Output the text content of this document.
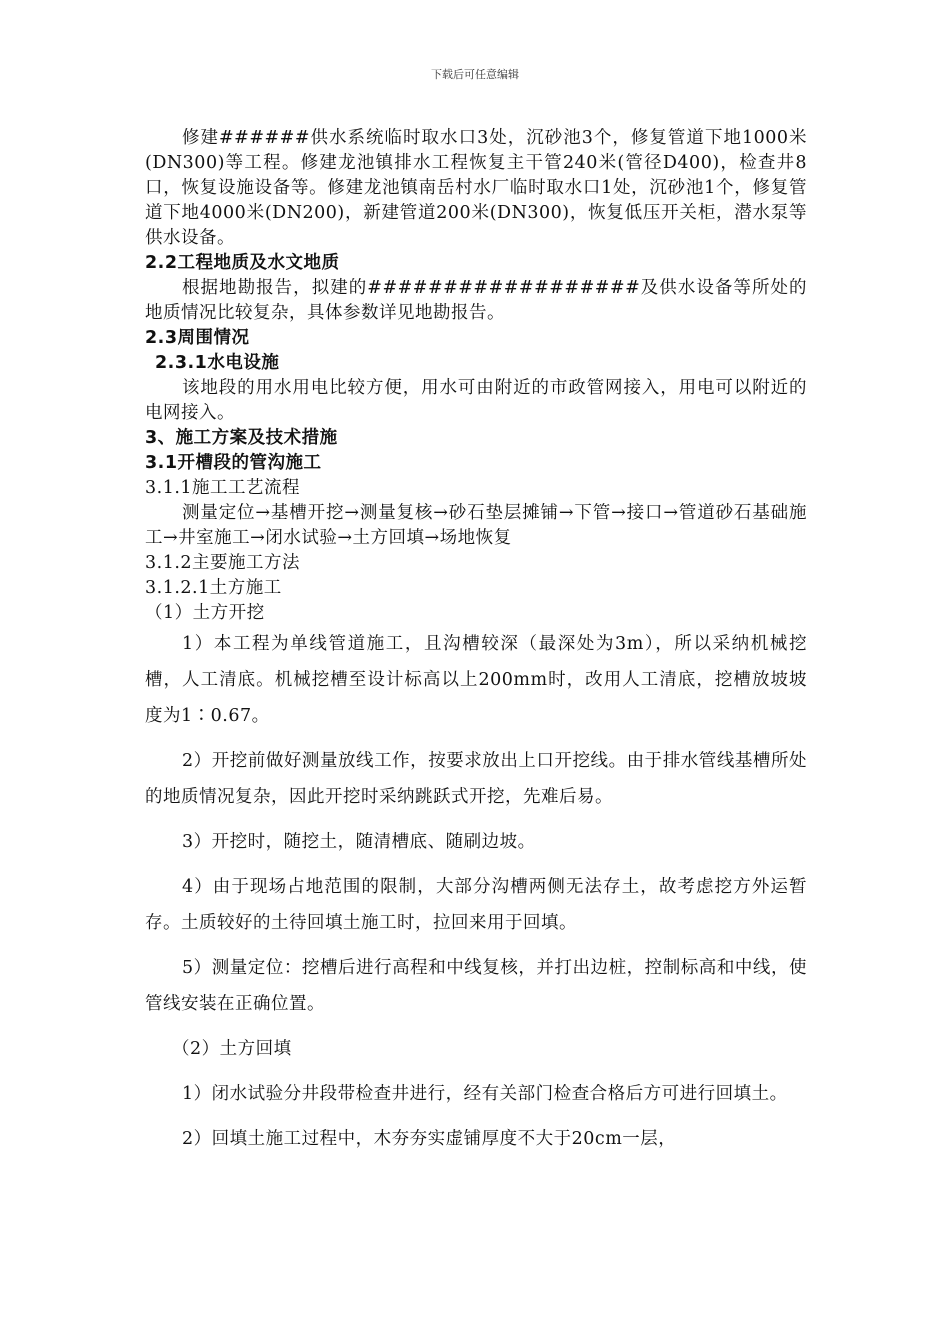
下载后可任意编辑

修建######供水系统临时取水口3处，沉砂池3个，修复管道下地1000米(DN300)等工程。修建龙池镇排水工程恢复主干管240米(管径D400)，检查井8口，恢复设施设备等。修建龙池镇南岳村水厂临时取水口1处，沉砂池1个，修复管道下地4000米(DN200)，新建管道200米(DN300)，恢复低压开关柜，潜水泵等供水设备。

2.2工程地质及水文地质

根据地勘报告，拟建的##################及供水设备等所处的地质情况比较复杂，具体参数详见地勘报告。

2.3周围情况

2.3.1水电设施

该地段的用水用电比较方便，用水可由附近的市政管网接入，用电可以附近的电网接入。

3、施工方案及技术措施

3.1开槽段的管沟施工

3.1.1施工工艺流程

测量定位→基槽开挖→测量复核→砂石垫层摊铺→下管→接口→管道砂石基础施工→井室施工→闭水试验→土方回填→场地恢复

3.1.2主要施工方法

3.1.2.1土方施工

（1）土方开挖

1）本工程为单线管道施工，且沟槽较深（最深处为3m），所以采纳机械挖槽，人工清底。机械挖槽至设计标高以上200mm时，改用人工清底，挖槽放坡坡度为1∶0.67。

2）开挖前做好测量放线工作，按要求放出上口开挖线。由于排水管线基槽所处的地质情况复杂，因此开挖时采纳跳跃式开挖，先难后易。

3）开挖时，随挖土，随清槽底、随刷边坡。

4）由于现场占地范围的限制，大部分沟槽两侧无法存土，故考虑挖方外运暂存。土质较好的土待回填土施工时，拉回来用于回填。

5）测量定位：挖槽后进行高程和中线复核，并打出边桩，控制标高和中线，使管线安装在正确位置。

（2）土方回填

1）闭水试验分井段带检查井进行，经有关部门检查合格后方可进行回填土。

2）回填土施工过程中，木夯夯实虚铺厚度不大于20cm一层，
